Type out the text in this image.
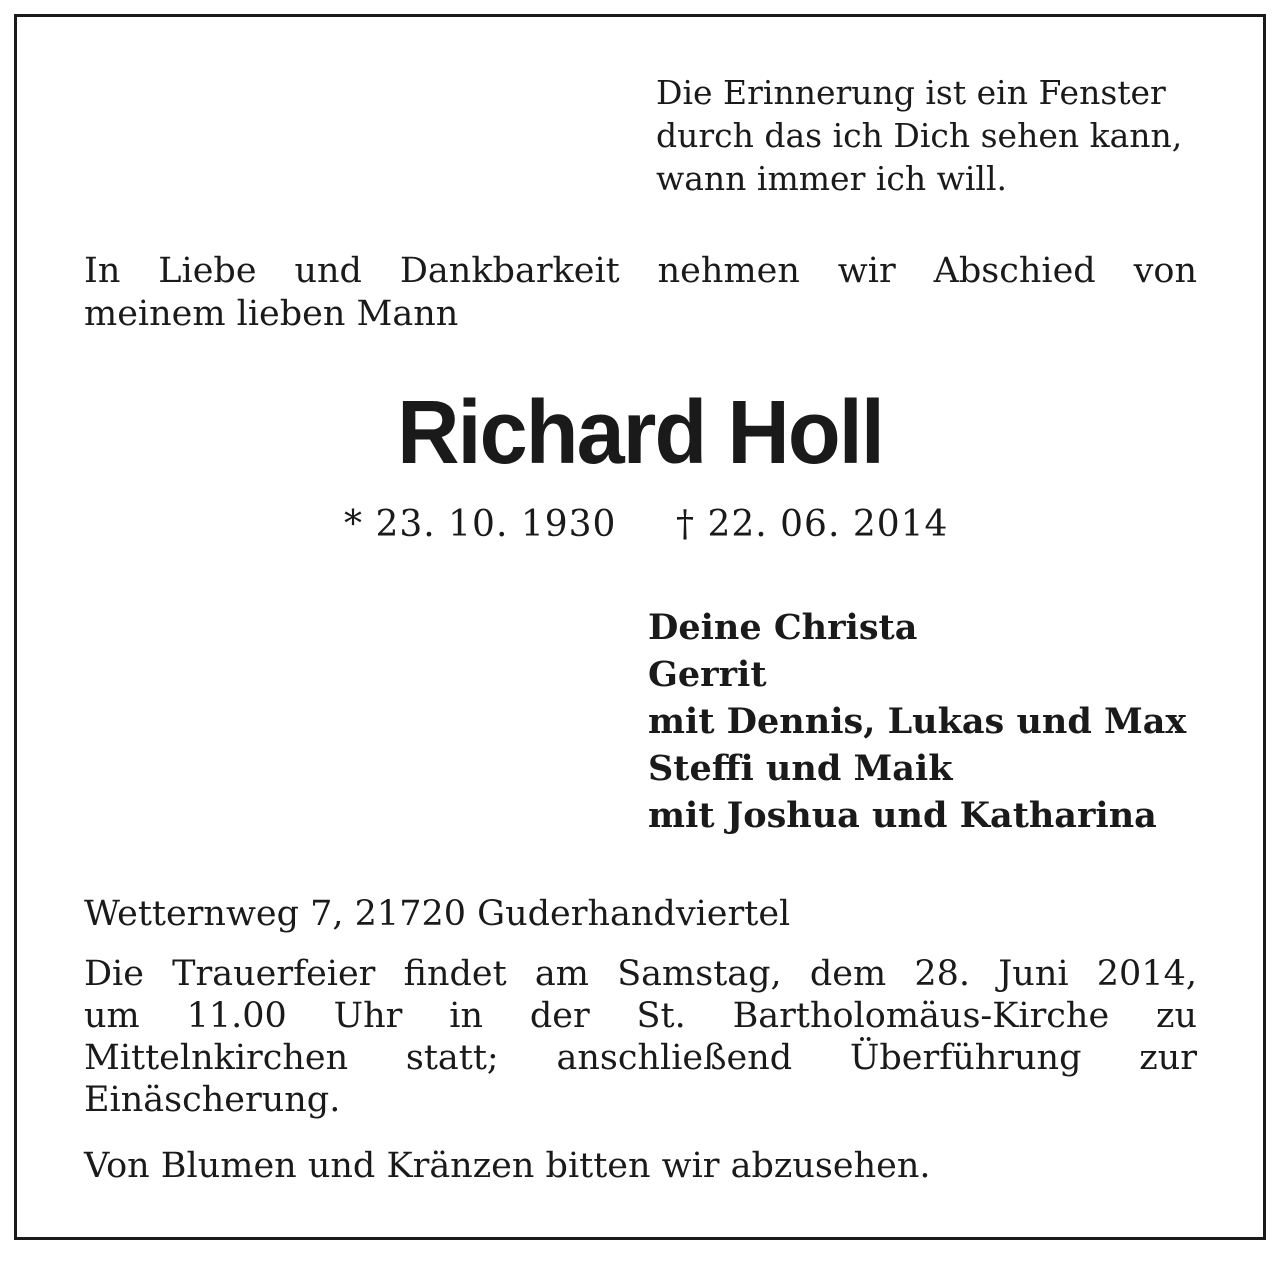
Die Erinnerung ist ein Fenster
durch das ich Dich sehen kann,
wann immer ich will.
In Liebe und Dankbarkeit nehmen wir Abschied von
meinem lieben Mann
Richard Holl
* 23. 10. 1930 † 22. 06. 2014
Deine Christa
Gerrit
mit Dennis, Lukas und Max
Steffi und Maik
mit Joshua und Katharina
Wetternweg 7, 21720 Guderhandviertel
Die Trauerfeier findet am Samstag, dem 28. Juni 2014,
um 11.00 Uhr in der St. Bartholomäus-Kirche zu
Mittelnkirchen statt; anschließend Überführung zur
Einäscherung.
Von Blumen und Kränzen bitten wir abzusehen.
